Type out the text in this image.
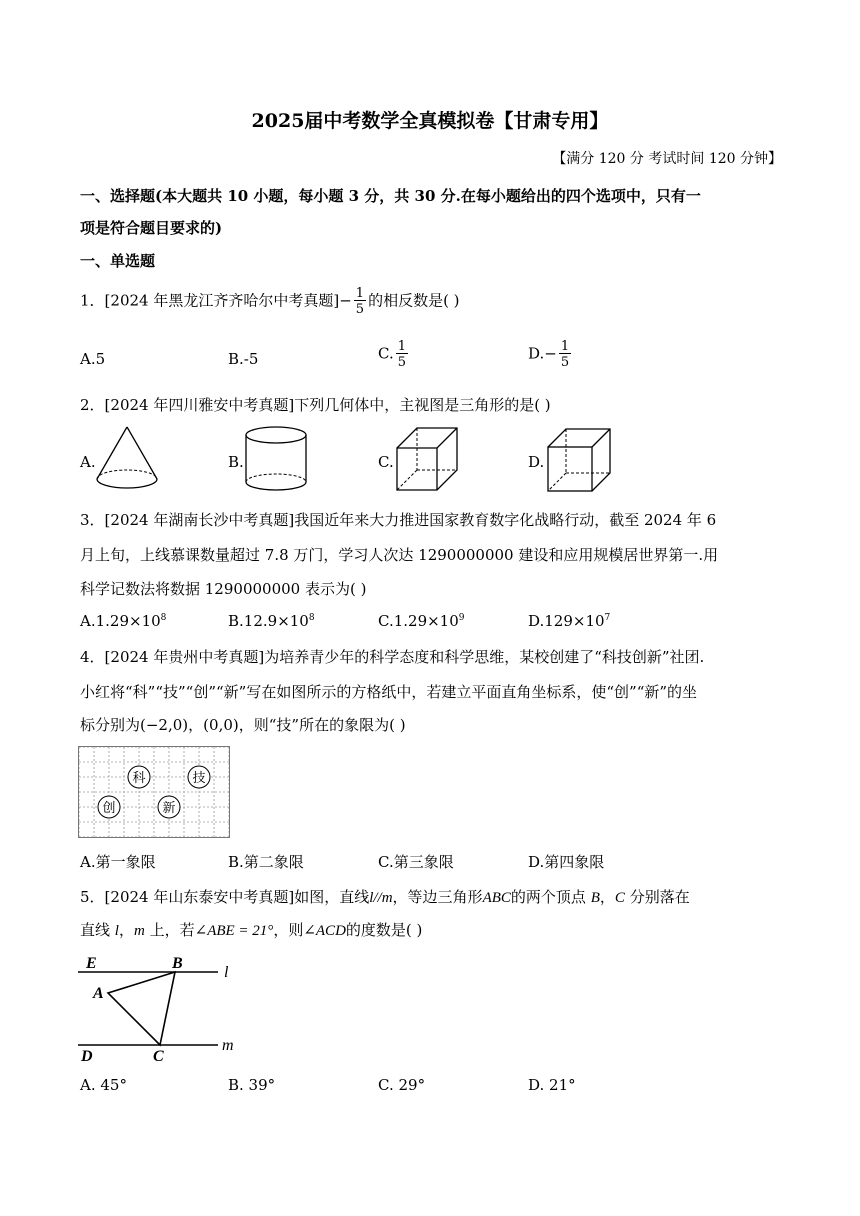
2025届中考数学全真模拟卷【甘肃专用】
【满分 120 分 考试时间 120 分钟】
一、选择题(本大题共 10 小题，每小题 3 分，共 30 分.在每小题给出的四个选项中，只有一
项是符合题目要求的)
一、单选题
1．[2024 年黑龙江齐齐哈尔中考真题]− $\frac{1}{5}$ 的相反数是( )
A.5	B.-5	C. $\frac{1}{5}$	$D.- \frac{1}{5}$
2．[2024 年四川雅安中考真题]下列几何体中，主视图是三角形的是( )
A.	B.	C.	D.
3．[2024 年湖南长沙中考真题]我国近年来大力推进国家教育数字化战略行动，截至 2024 年 6
月上旬，上线慕课数量超过 7.8 万门，学习人次达 1290000000 建设和应用规模居世界第一.用
科学记数法将数据 1290000000 表示为( )
$A.1.29\times 10^8$	$B.12.9\times 10^8$	$C.1.29\times 10^9$	$D.129\times 10^7$
4．[2024 年贵州中考真题]为培养青少年的科学态度和科学思维，某校创建了“科技创新”社团.
小红将“科”“技”“创”“新”写在如图所示的方格纸中，若建立平面直角坐标系，使“创”“新”的坐
标分别为(−2,0)，(0,0)，则“技”所在的象限为( )
科	技
创	新
A.第一象限	B.第二象限	C.第三象限	D.第四象限
5．[2024 年山东泰安中考真题]如图，直线l//m，等边三角形ABC的两个顶点 B，C 分别落在
直线 l，m 上，若∠ABE = 21°，则∠ACD的度数是( )
E	B
l
A
D	C
m
A. 45°	B. 39°	C. 29°	D. 21°
